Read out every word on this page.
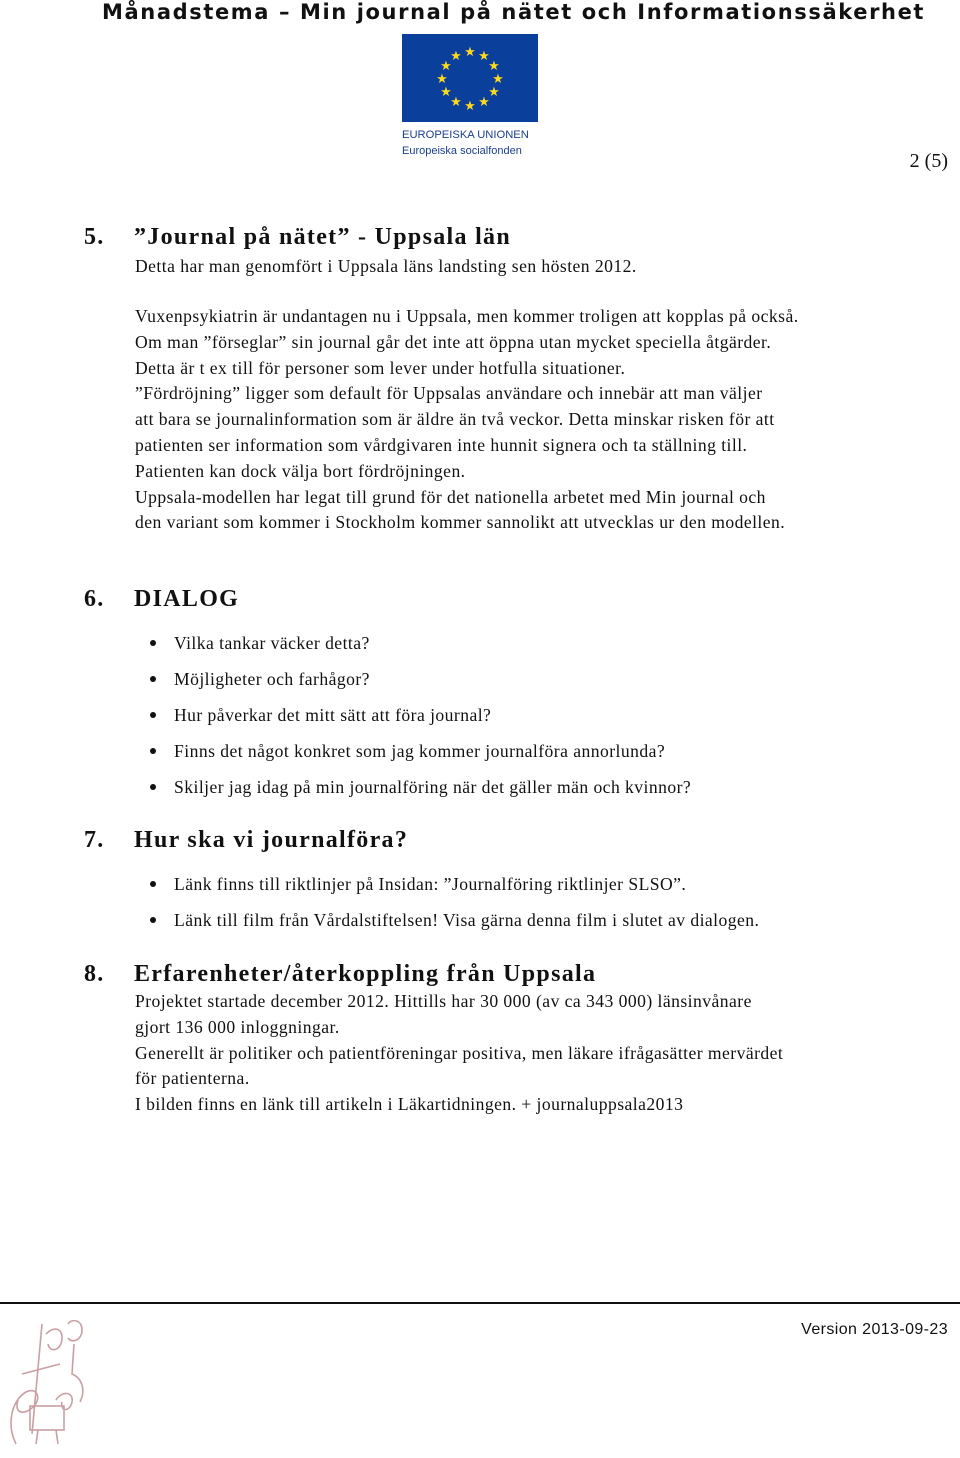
Månadstema – Min journal på nätet och Informationssäkerhet
★ ★
★
★
★
★
★
★
★
★
★
★
EUROPEISKA UNIONEN
Europeiska socialfonden	2 (5)
5. ”Journal på nätet” - Uppsala län
Detta har man genomfört i Uppsala läns landsting sen hösten 2012.
Vuxenpsykiatrin är undantagen nu i Uppsala, men kommer troligen att kopplas på också.
Om man ”förseglar” sin journal går det inte att öppna utan mycket speciella åtgärder.
Detta är t ex till för personer som lever under hotfulla situationer.
”Fördröjning” ligger som default för Uppsalas användare och innebär att man väljer
att bara se journalinformation som är äldre än två veckor. Detta minskar risken för att
patienten ser information som vårdgivaren inte hunnit signera och ta ställning till.
Patienten kan dock välja bort fördröjningen.
Uppsala-modellen har legat till grund för det nationella arbetet med Min journal och
den variant som kommer i Stockholm kommer sannolikt att utvecklas ur den modellen.
6. DIALOG
Vilka tankar väcker detta?
Möjligheter och farhågor?
Hur påverkar det mitt sätt att föra journal?
Finns det något konkret som jag kommer journalföra annorlunda?
Skiljer jag idag på min journalföring när det gäller män och kvinnor?
7. Hur ska vi journalföra?
Länk finns till riktlinjer på Insidan: ”Journalföring riktlinjer SLSO”.
Länk till film från Vårdalstiftelsen! Visa gärna denna film i slutet av dialogen.
8. Erfarenheter/återkoppling från Uppsala
Projektet startade december 2012. Hittills har 30 000 (av ca 343 000) länsinvånare
gjort 136 000 inloggningar.
Generellt är politiker och patientföreningar positiva, men läkare ifrågasätter mervärdet
för patienterna.
I bilden finns en länk till artikeln i Läkartidningen. + journaluppsala2013
Version 2013-09-23
